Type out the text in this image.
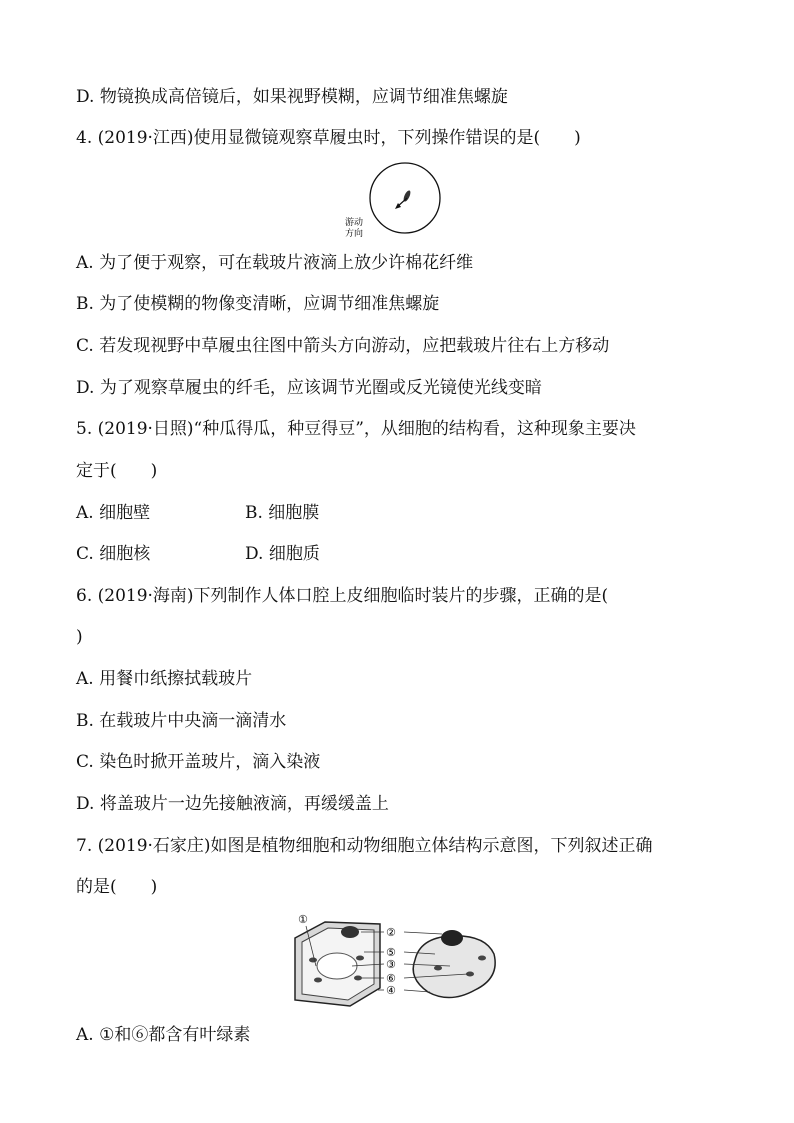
D. 物镜换成高倍镜后，如果视野模糊，应调节细准焦螺旋
4. (2019·江西)使用显微镜观察草履虫时，下列操作错误的是(　　)
游动
方向
A. 为了便于观察，可在载玻片液滴上放少许棉花纤维
B. 为了使模糊的物像变清晰，应调节细准焦螺旋
C. 若发现视野中草履虫往图中箭头方向游动，应把载玻片往右上方移动
D. 为了观察草履虫的纤毛，应该调节光圈或反光镜使光线变暗
5. (2019·日照)“种瓜得瓜，种豆得豆”，从细胞的结构看，这种现象主要决
定于(　　)
A. 细胞壁	B. 细胞膜
C. 细胞核	D. 细胞质
6. (2019·海南)下列制作人体口腔上皮细胞临时装片的步骤，正确的是(
)
A. 用餐巾纸擦拭载玻片
B. 在载玻片中央滴一滴清水
C. 染色时掀开盖玻片，滴入染液
D. 将盖玻片一边先接触液滴，再缓缓盖上
7. (2019·石家庄)如图是植物细胞和动物细胞立体结构示意图，下列叙述正确
的是(　　)
①
②
⑤
③
⑥
④
A. ①和⑥都含有叶绿素
